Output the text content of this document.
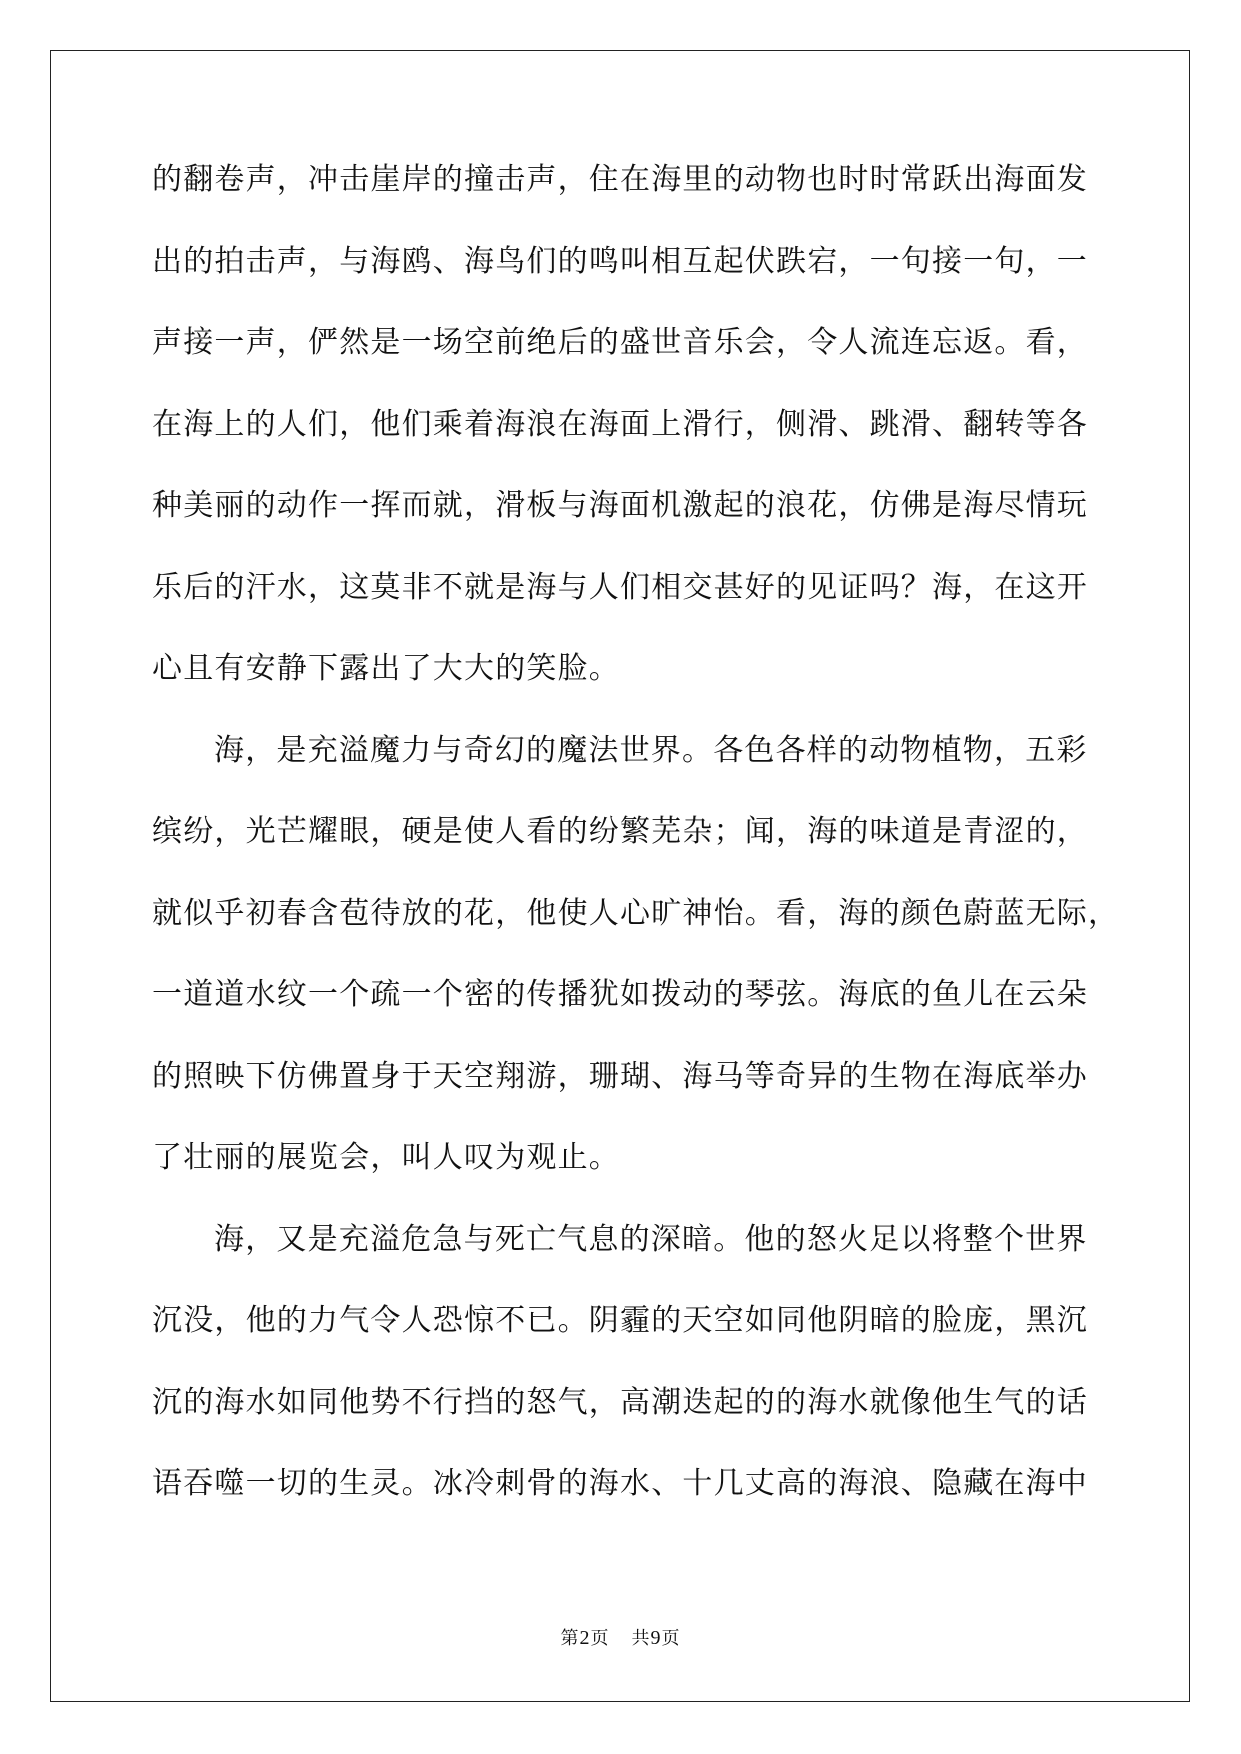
的翻卷声，冲击崖岸的撞击声，住在海里的动物也时时常跃出海面发
出的拍击声，与海鸥、海鸟们的鸣叫相互起伏跌宕，一句接一句，一
声接一声，俨然是一场空前绝后的盛世音乐会，令人流连忘返。看，
在海上的人们，他们乘着海浪在海面上滑行，侧滑、跳滑、翻转等各
种美丽的动作一挥而就，滑板与海面机激起的浪花，仿佛是海尽情玩
乐后的汗水，这莫非不就是海与人们相交甚好的见证吗？海，在这开
心且有安静下露出了大大的笑脸。
海，是充溢魔力与奇幻的魔法世界。各色各样的动物植物，五彩
缤纷，光芒耀眼，硬是使人看的纷繁芜杂；闻，海的味道是青涩的，
就似乎初春含苞待放的花，他使人心旷神怡。看，海的颜色蔚蓝无际，
一道道水纹一个疏一个密的传播犹如拨动的琴弦。海底的鱼儿在云朵
的照映下仿佛置身于天空翔游，珊瑚、海马等奇异的生物在海底举办
了壮丽的展览会，叫人叹为观止。
海，又是充溢危急与死亡气息的深暗。他的怒火足以将整个世界
沉没，他的力气令人恐惊不已。阴霾的天空如同他阴暗的脸庞，黑沉
沉的海水如同他势不行挡的怒气，高潮迭起的的海水就像他生气的话
语吞噬一切的生灵。冰冷刺骨的海水、十几丈高的海浪、隐藏在海中
第2页 共9页
